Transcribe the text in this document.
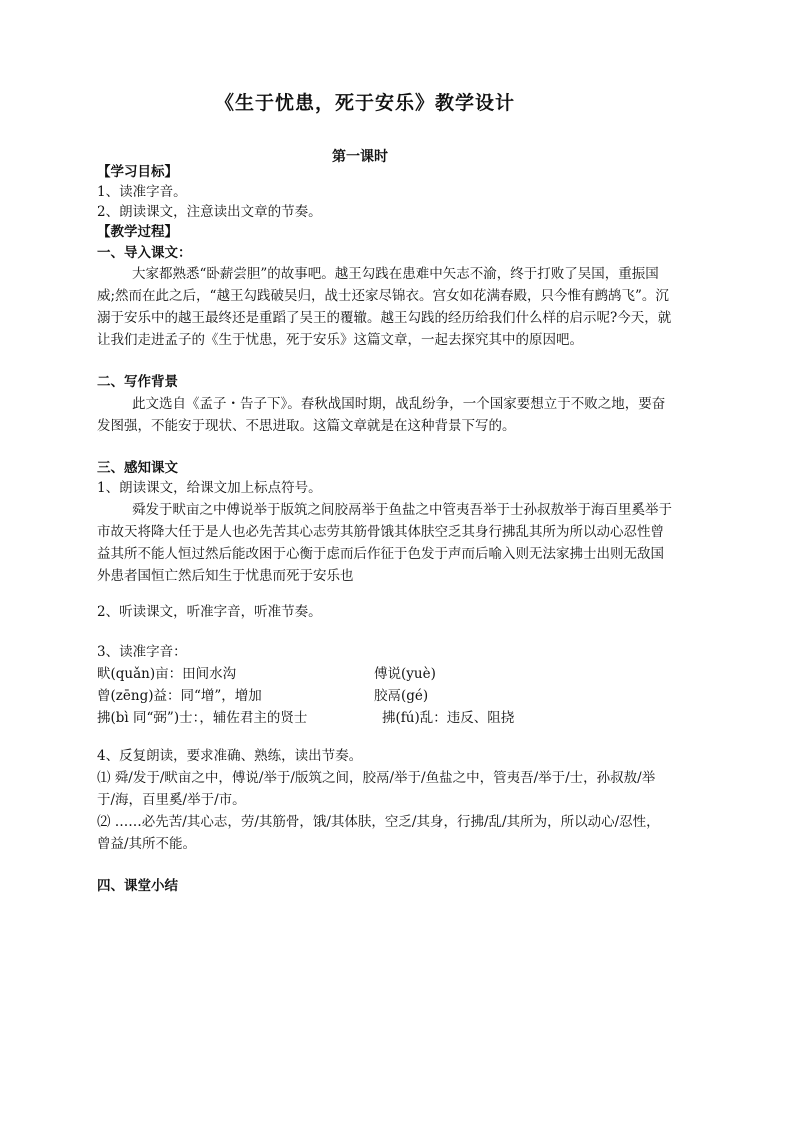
《生于忧患，死于安乐》教学设计
第一课时
【学习目标】
1、读准字音。
2、朗读课文，注意读出文章的节奏。
【教学过程】
一、导入课文：
大家都熟悉“卧薪尝胆”的故事吧。越王勾践在患难中矢志不渝，终于打败了吴国，重振国
威;然而在此之后，“越王勾践破吴归，战士还家尽锦衣。宫女如花满春殿，只今惟有鹧鸪飞”。沉
溺于安乐中的越王最终还是重蹈了吴王的覆辙。越王勾践的经历给我们什么样的启示呢?今天，就
让我们走进孟子的《生于忧患，死于安乐》这篇文章，一起去探究其中的原因吧。
二、写作背景
此文选自《孟子・告子下》。春秋战国时期，战乱纷争，一个国家要想立于不败之地，要奋
发图强，不能安于现状、不思进取。这篇文章就是在这种背景下写的。
三、感知课文
1、朗读课文，给课文加上标点符号。
舜发于畎亩之中傅说举于版筑之间胶鬲举于鱼盐之中管夷吾举于士孙叔敖举于海百里奚举于
市故天将降大任于是人也必先苦其心志劳其筋骨饿其体肤空乏其身行拂乱其所为所以动心忍性曾
益其所不能人恒过然后能改困于心衡于虑而后作征于色发于声而后喻入则无法家拂士出则无敌国
外患者国恒亡然后知生于忧患而死于安乐也
2、听读课文，听准字音，听准节奏。
3、读准字音：
畎(quǎn)亩：田间水沟	傅说(yuè)
曾(zēng)益：同“增”，增加	胶鬲(gé)
拂(bì 同“弼”)士：，辅佐君主的贤士	拂(fú)乱：违反、阻挠
4、反复朗读，要求准确、熟练，读出节奏。
⑴ 舜/发于/畎亩之中，傅说/举于/版筑之间，胶鬲/举于/鱼盐之中，管夷吾/举于/士，孙叔敖/举
于/海，百里奚/举于/市。
⑵ ……必先苦/其心志，劳/其筋骨，饿/其体肤，空乏/其身，行拂/乱/其所为，所以动心/忍性，
曾益/其所不能。
四、课堂小结
